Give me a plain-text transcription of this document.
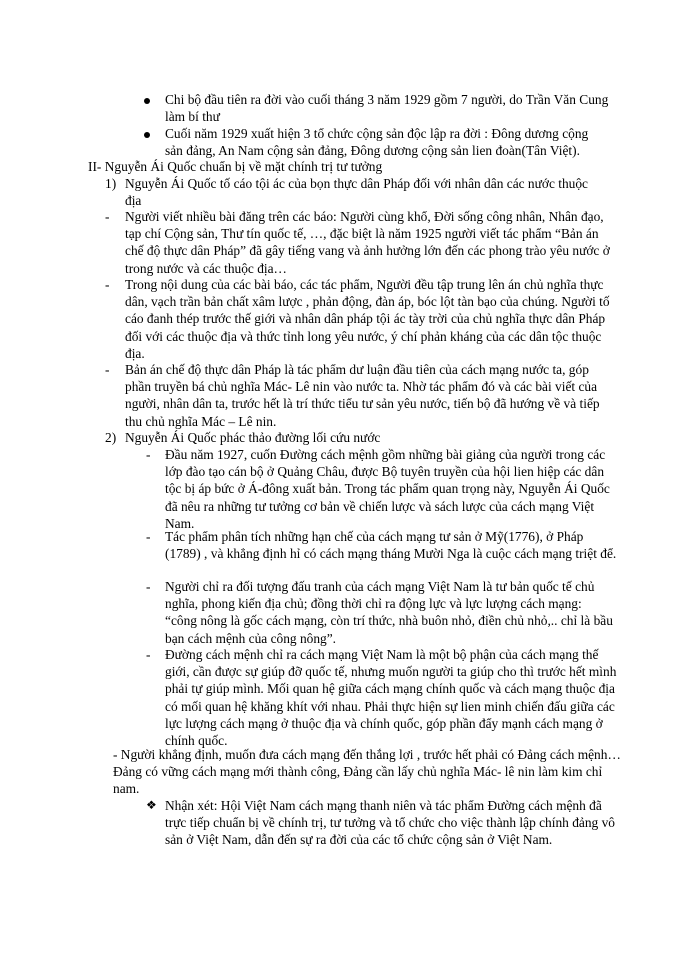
Chi bộ đầu tiên ra đời vào cuối tháng 3 năm 1929 gồm 7 người, do Trần Văn Cung làm bí thư
Cuối năm 1929 xuất hiện 3 tổ chức cộng sản độc lập ra đời : Đông dương cộng sản đảng, An Nam cộng sản đảng, Đông dương cộng sản lien đoàn(Tân Việt).
II- Nguyễn Ái Quốc chuẩn bị về mặt chính trị tư tưởng
1) Nguyễn Ái Quốc tố cáo tội ác của bọn thực dân Pháp đối với nhân dân các nước thuộc địa
- Người viết nhiều bài đăng trên các báo: Người cùng khổ, Đời sống công nhân, Nhân đạo, tạp chí Cộng sản, Thư tín quốc tế, …, đặc biệt là năm 1925 người viết tác phẩm “Bản án chế độ thực dân Pháp” đã gây tiếng vang và ảnh hưởng lớn đến các phong trào yêu nước ở trong nước và các thuộc địa…
- Trong nội dung của các bài báo, các tác phẩm, Người đều tập trung lên án chủ nghĩa thực dân, vạch trần bản chất xâm lược , phản động, đàn áp, bóc lột tàn bạo của chúng. Người tố cáo đanh thép trước thế giới và nhân dân pháp tội ác tày trời của chủ nghĩa thực dân Pháp đối với các thuộc địa và thức tỉnh long yêu nước, ý chí phản kháng của các dân tộc thuộc địa.
- Bản án chế độ thực dân Pháp là tác phẩm dư luận đầu tiên của cách mạng nước ta, góp phần truyền bá chủ nghĩa Mác- Lê nin vào nước ta. Nhờ tác phẩm đó và các bài viết của người, nhân dân ta, trước hết là trí thức tiểu tư sản yêu nước, tiến bộ đã hướng về và tiếp thu chủ nghĩa Mác – Lê nin.
2) Nguyễn Ái Quốc phác thảo đường lối cứu nước
- Đầu năm 1927, cuốn Đường cách mệnh gồm những bài giảng của người trong các lớp đào tạo cán bộ ở Quảng Châu, được Bộ tuyên truyền của hội lien hiệp các dân tộc bị áp bức ở Á-đông xuất bản. Trong tác phẩm quan trọng này, Nguyễn Ái Quốc đã nêu ra những tư tưởng cơ bản về chiến lược và sách lược của cách mạng Việt Nam.
- Tác phẩm phân tích những hạn chế của cách mạng tư sản ở Mỹ(1776), ở Pháp (1789) , và khẳng định hỉ có cách mạng tháng Mười Nga là cuộc cách mạng triệt để.
- Người chỉ ra đối tượng đấu tranh của cách mạng Việt Nam là tư bản quốc tế chủ nghĩa, phong kiến địa chủ; đồng thời chỉ ra động lực và lực lượng cách mạng: “công nông là gốc cách mạng, còn trí thức, nhà buôn nhỏ, điền chủ nhỏ,.. chỉ là bầu bạn cách mệnh của công nông”.
- Đường cách mệnh chỉ ra cách mạng Việt Nam là một bộ phận của cách mạng thế giới, cần được sự giúp đỡ quốc tế, nhưng muốn người ta giúp cho thì trước hết mình phải tự giúp mình. Mối quan hệ giữa cách mạng chính quốc và cách mạng thuộc địa có mối quan hệ khăng khít với nhau. Phải thực hiện sự lien minh chiến đấu giữa các lực lượng cách mạng ở thuộc địa và chính quốc, góp phần đẩy mạnh cách mạng ở chính quốc.
- Người khẳng định, muốn đưa cách mạng đến thắng lợi , trước hết phải có Đảng cách mệnh… Đảng có vững cách mạng mới thành công, Đảng cần lấy chủ nghĩa Mác- lê nin làm kim chỉ nam.
❖ Nhận xét: Hội Việt Nam cách mạng thanh niên và tác phẩm Đường cách mệnh đã trực tiếp chuẩn bị về chính trị, tư tưởng và tổ chức cho việc thành lập chính đảng vô sản ở Việt Nam, dẫn đến sự ra đời của các tổ chức cộng sản ở Việt Nam.
